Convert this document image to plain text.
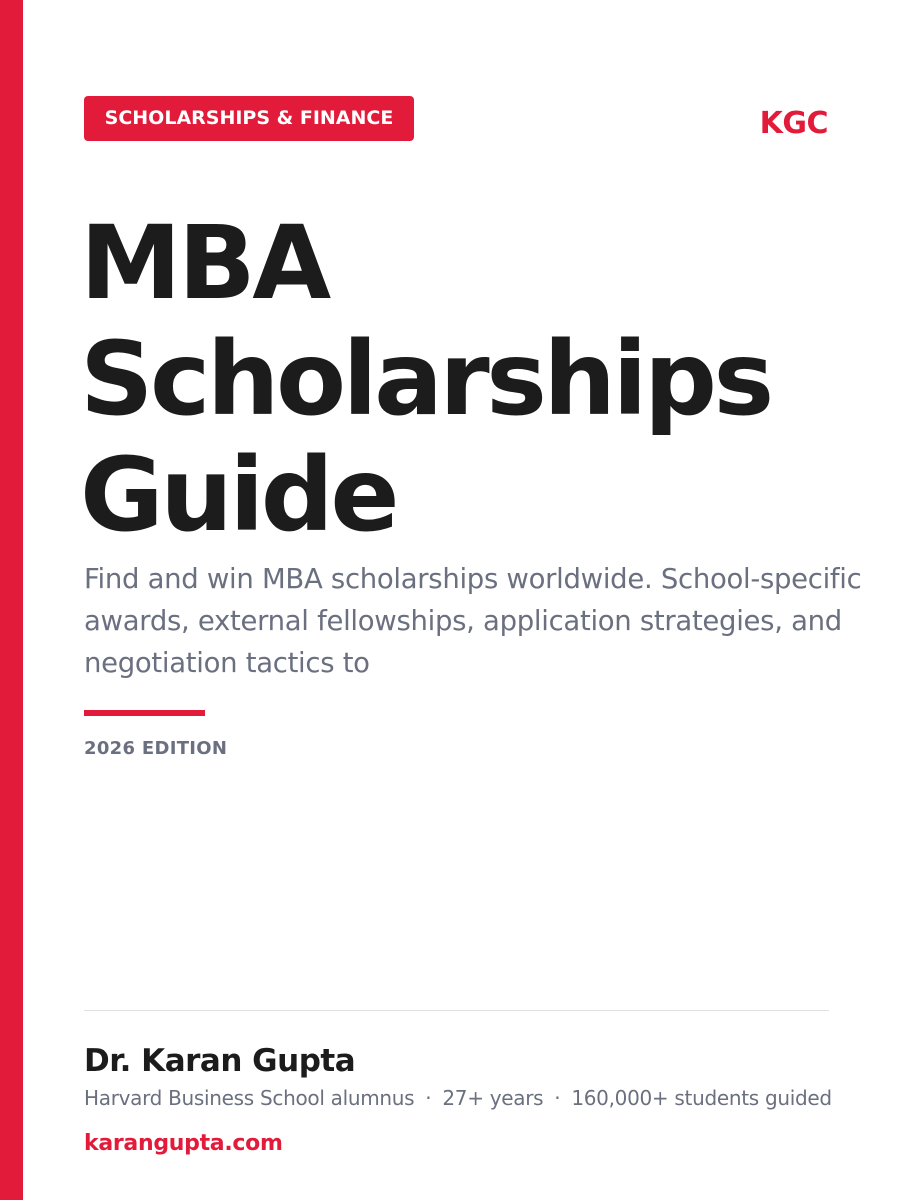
SCHOLARSHIPS & FINANCE	KGC
MBA
Scholarships
Guide

Find and win MBA scholarships worldwide. School-specific awards, external fellowships, application strategies, and negotiation tactics to

2026 EDITION
Dr. Karan Gupta
Harvard Business School alumnus · 27+ years · 160,000+ students guided
karangupta.com
